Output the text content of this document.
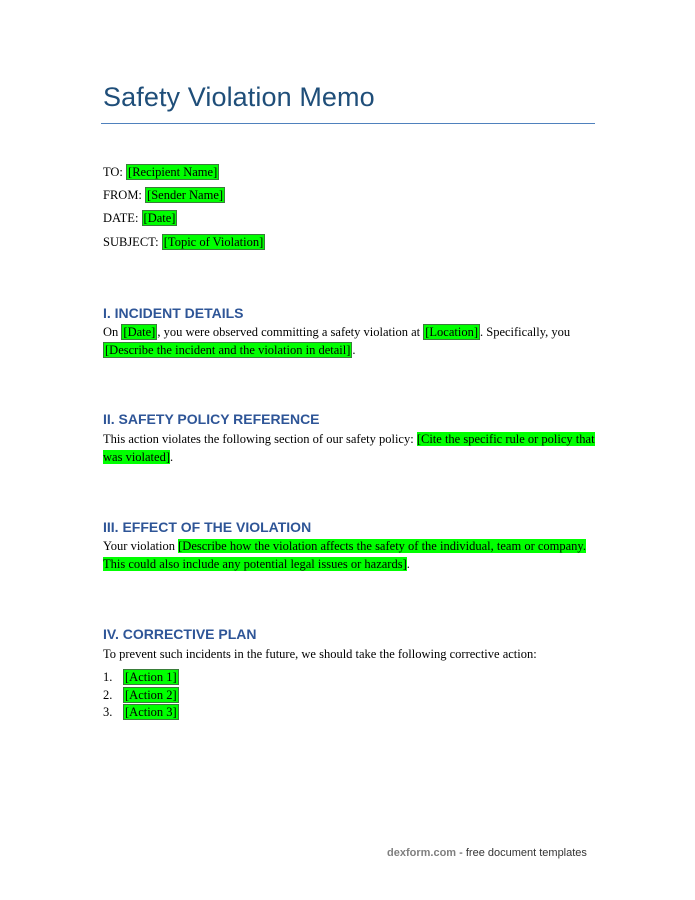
Safety Violation Memo
TO: [Recipient Name]
FROM: [Sender Name]
DATE: [Date]
SUBJECT: [Topic of Violation]
I. INCIDENT DETAILS

On [Date] , you were observed committing a safety violation at [Location] . Specifically, you [Describe the incident and the violation in detail] .

II. SAFETY POLICY REFERENCE

This action violates the following section of our safety policy: [Cite the specific rule or policy that was violated].

III. EFFECT OF THE VIOLATION

Your violation [Describe how the violation affects the safety of the individual, team or company. This could also include any potential legal issues or hazards].

IV. CORRECTIVE PLAN

To prevent such incidents in the future, we should take the following corrective action:

1. [Action 1]
2. [Action 2]
3. [Action 3]
dexform.com - free document templates
